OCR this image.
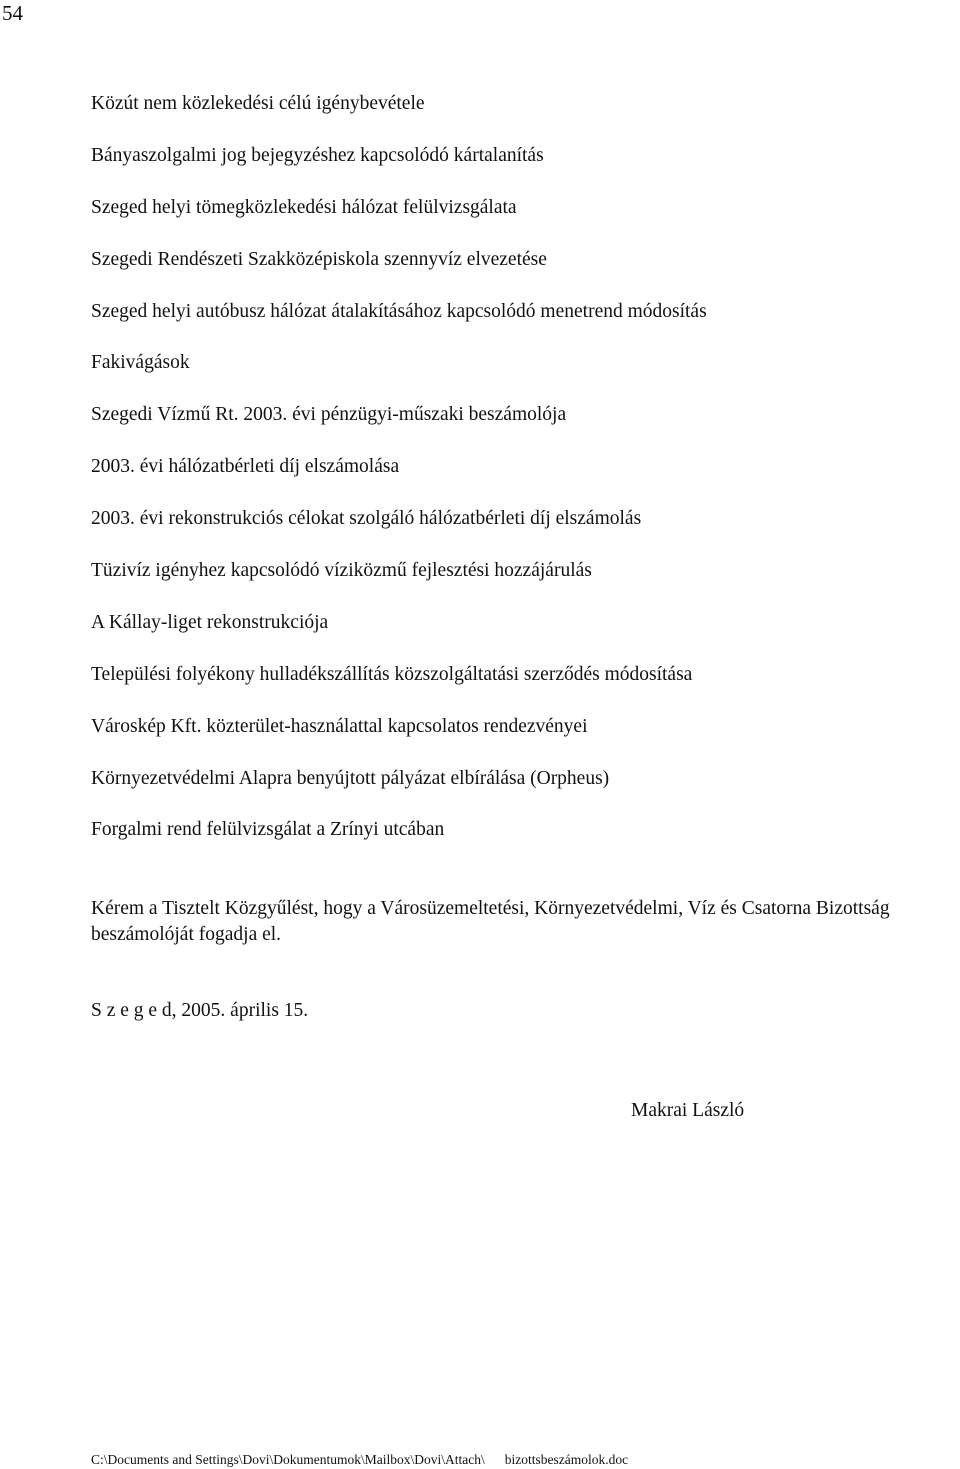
54
Közút nem közlekedési célú igénybevétele
Bányaszolgalmi jog bejegyzéshez kapcsolódó kártalanítás
Szeged helyi tömegközlekedési hálózat felülvizsgálata
Szegedi Rendészeti Szakközépiskola szennyvíz elvezetése
Szeged helyi autóbusz hálózat átalakításához kapcsolódó menetrend módosítás
Fakivágások
Szegedi Vízmű Rt. 2003. évi pénzügyi-műszaki beszámolója
2003. évi hálózatbérleti díj elszámolása
2003. évi rekonstrukciós célokat szolgáló hálózatbérleti díj elszámolás
Tüzivíz igényhez kapcsolódó víziközmű fejlesztési hozzájárulás
A Kállay-liget rekonstrukciója
Települési folyékony hulladékszállítás közszolgáltatási szerződés módosítása
Városkép Kft. közterület-használattal kapcsolatos rendezvényei
Környezetvédelmi Alapra benyújtott pályázat elbírálása (Orpheus)
Forgalmi rend felülvizsgálat a Zrínyi utcában

Kérem a Tisztelt Közgyűlést, hogy a Városüzemeltetési, Környezetvédelmi, Víz és Csatorna Bizottság beszámolóját fogadja el.

S z e g e d, 2005. április 15.

Makrai László

C:\Documents and Settings\Dovi\Dokumentumok\Mailbox\Dovi\Attach\ bizottsbeszámolok.doc
